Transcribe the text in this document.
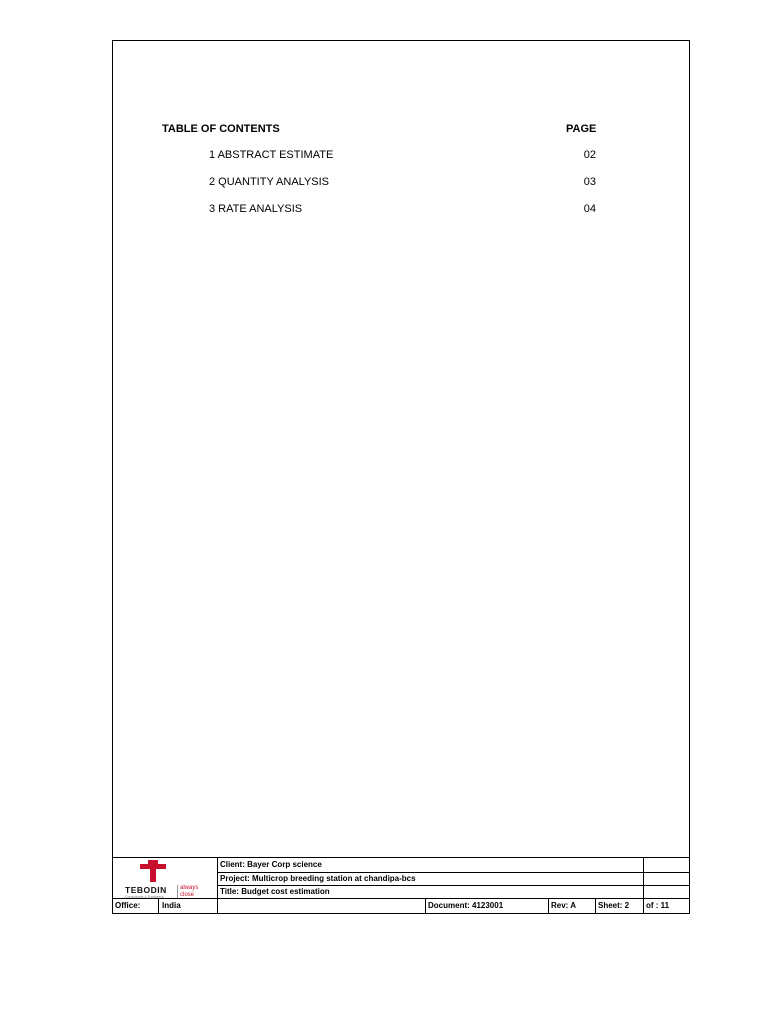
TABLE OF CONTENTS	PAGE
1 ABSTRACT ESTIMATE	02
2 QUANTITY ANALYSIS	03
3 RATE ANALYSIS	04
TEBODIN
Consultants & Engineers
always close
Client: Bayer Corp science
Project: Multicrop breeding station at chandipa-bcs
Title: Budget cost estimation
Office:	India	Document: 4123001	Rev: A	Sheet: 2	of : 11
